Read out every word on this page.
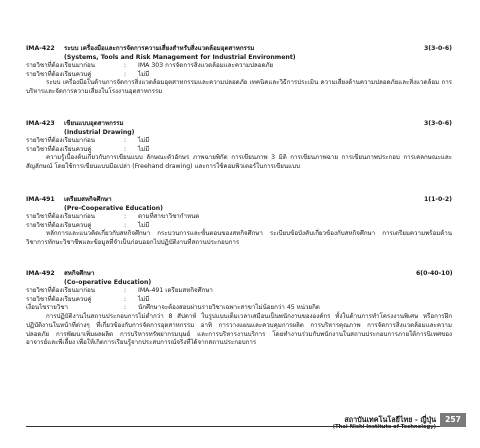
IMA-422	ระบบ เครื่องมือและการจัดการความเสี่ยงสำหรับสิ่งแวดล้อมอุตสาหกรรม	3(3-0-6)
(Systems, Tools and Risk Management for Industrial Environment)
รายวิชาที่ต้องเรียนมาก่อน	:	IMA 303 การจัดการสิ่งแวดล้อมและความปลอดภัย
รายวิชาที่ต้องเรียนควบคู่	:	ไม่มี

ระบบ เครื่องมือในด้านการจัดการสิ่งแวดล้อมอุตสาหกรรมและความปลอดภัย เทคนิคและวิธีการประเมิน ความเสี่ยงด้านความปลอดภัยและสิ่งแวดล้อม การบริหารและจัดการความเสี่ยงในโรงงานอุตสาหกรรม

IMA-423	เขียนแบบอุตสาหกรรม	3(3-0-6)
(Industrial Drawing)
รายวิชาที่ต้องเรียนมาก่อน	:	ไม่มี
รายวิชาที่ต้องเรียนควบคู่	:	ไม่มี

ความรู้เบื้องต้นเกี่ยวกับการเขียนแบบ ลักษณะตัวอักษร ภาพฉายพิกัด การเขียนภาพ 3 มิติ การเขียนภาพฉาย การเขียนภาพประกอบ การเคลกษณะและสัญลักษณ์ โดยใช้การเขียนแบบมือเปล่า (Freehand drawing) และการใช้คอมพิวเตอร์ในการเขียนแบบ

IMA-491	เตรียมสหกิจศึกษา	1(1-0-2)
(Pre-Cooperative Education)
รายวิชาที่ต้องเรียนมาก่อน	:	ตามที่สาขาวิชากำหนด
รายวิชาที่ต้องเรียนควบคู่	:	ไม่มี

หลักการและแนวคิดเกี่ยวกับสหกิจศึกษา กระบวนการและขั้นตอนของสหกิจศึกษา ระเบียบข้อบังคับเกี่ยวข้องกับสหกิจศึกษา การเตรียมความพร้อมด้านวิชาการทักษะวิชาชีพและข้อมูลที่จำเป็นก่อนออกไปปฏิบัติงานที่สถานประกอบการ

IMA-492	สหกิจศึกษา	6(0-40-10)
(Co-operative Education)
รายวิชาที่ต้องเรียนมาก่อน	:	IMA-491 เตรียมสหกิจศึกษา
รายวิชาที่ต้องเรียนควบคู่	:	ไม่มี
เงื่อนไขรายวิชา	:	นักศึกษาจะต้องสอบผ่านรายวิชาเฉพาะสาขาไม่น้อยกว่า 45 หน่วยกิต

การปฏิบัติงานในสถานประกอบการไม่ต่ำกว่า 8 สัปดาห์ ในรูปแบบเต็มเวลาเสมือนเป็นพนักงานขององค์กร ทั้งในด้านการทำโครงงานพิเศษ หรือการฝึกปฏิบัติงานในหน้าที่ต่างๆ ที่เกี่ยวข้องกับการจัดการอุตสาหกรรม อาทิ การวางแผนและควบคุมการผลิต การบริหารคุณภาพ การจัดการสิ่งแวดล้อมและความปลอดภัย การพัฒนาเพิ่มผลผลิต การบริหารทรัพยากรมนุษย์ และการบริหารงานบริการ โดยทำงานร่วมกับพนักงานในสถานประกอบการภายใต้การนิเทศของอาจารย์และพี่เลี้ยง เพื่อให้เกิดการเรียนรู้จากประสบการณ์จริงที่ได้จากสถานประกอบการ

สถาบันเทคโนโลยีไทย - ญี่ปุ่น
(Thai-Nichi Institute of Technology)
257
